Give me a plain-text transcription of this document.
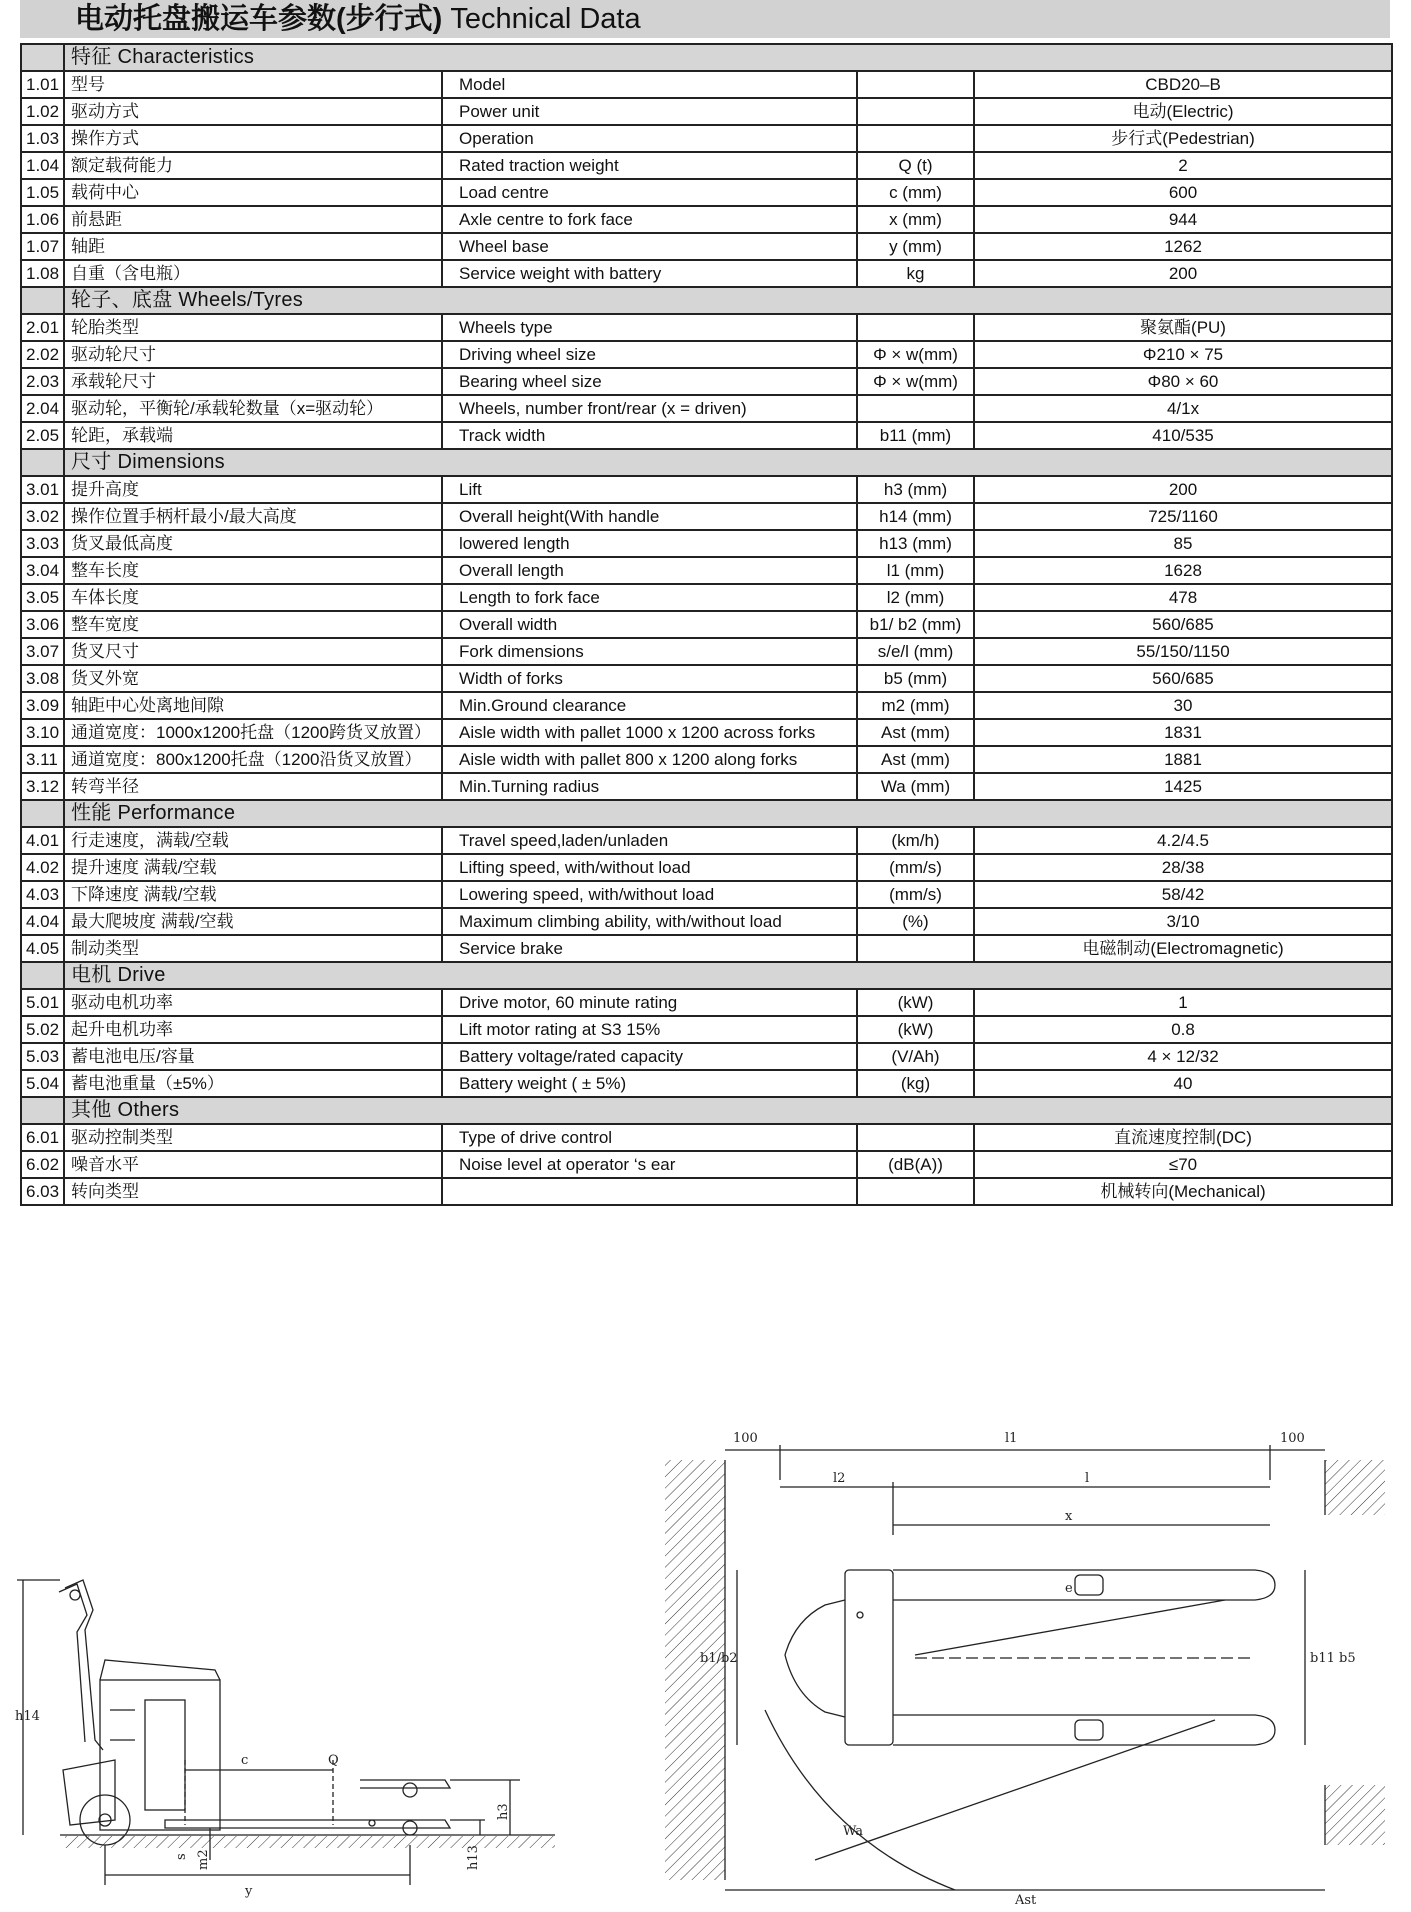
电动托盘搬运车参数(步行式) Technical Data
	特征 Characteristics			
1.01	型号	Model		CBD20–B
1.02	驱动方式	Power unit		电动(Electric)
1.03	操作方式	Operation		步行式(Pedestrian)
1.04	额定载荷能力	Rated traction weight	Q (t)	2
1.05	载荷中心	Load centre	c (mm)	600
1.06	前悬距	Axle centre to fork face	x (mm)	944
1.07	轴距	Wheel base	y (mm)	1262
1.08	自重（含电瓶）	Service weight with battery	kg	200
	轮子、底盘 Wheels/Tyres			
2.01	轮胎类型	Wheels type		聚氨酯(PU)
2.02	驱动轮尺寸	Driving wheel size	Φ × w(mm)	Φ210 × 75
2.03	承载轮尺寸	Bearing wheel size	Φ × w(mm)	Φ80 × 60
2.04	驱动轮，平衡轮/承载轮数量（x=驱动轮）	Wheels, number front/rear (x = driven)		4/1x
2.05	轮距，承载端	Track width	b11 (mm)	410/535
	尺寸 Dimensions			
3.01	提升高度	Lift	h3 (mm)	200
3.02	操作位置手柄杆最小/最大高度	Overall height(With handle	h14 (mm)	725/1160
3.03	货叉最低高度	lowered length	h13 (mm)	85
3.04	整车长度	Overall length	l1 (mm)	1628
3.05	车体长度	Length to fork face	l2 (mm)	478
3.06	整车宽度	Overall width	b1/ b2 (mm)	560/685
3.07	货叉尺寸	Fork dimensions	s/e/l (mm)	55/150/1150
3.08	货叉外宽	Width of forks	b5 (mm)	560/685
3.09	轴距中心处离地间隙	Min.Ground clearance	m2 (mm)	30
3.10	通道宽度：1000x1200托盘（1200跨货叉放置）	Aisle width with pallet 1000 x 1200 across forks	Ast (mm)	1831
3.11	通道宽度：800x1200托盘（1200沿货叉放置）	Aisle width with pallet 800 x 1200 along forks	Ast (mm)	1881
3.12	转弯半径	Min.Turning radius	Wa (mm)	1425
	性能 Performance			
4.01	行走速度，满载/空载	Travel speed,laden/unladen	(km/h)	4.2/4.5
4.02	提升速度 满载/空载	Lifting speed, with/without load	(mm/s)	28/38
4.03	下降速度 满载/空载	Lowering speed, with/without load	(mm/s)	58/42
4.04	最大爬坡度 满载/空载	Maximum climbing ability, with/without load	(%)	3/10
4.05	制动类型	Service brake		电磁制动(Electromagnetic)
	电机 Drive			
5.01	驱动电机功率	Drive motor, 60 minute rating	(kW)	1
5.02	起升电机功率	Lift motor rating at S3 15%	(kW)	0.8
5.03	蓄电池电压/容量	Battery voltage/rated capacity	(V/Ah)	4 × 12/32
5.04	蓄电池重量（±5%）	Battery weight ( ± 5%)	(kg)	40
	其他 Others			
6.01	驱动控制类型	Type of drive control		直流速度控制(DC)
6.02	噪音水平	Noise level at operator ‘s ear	(dB(A))	≤70
6.03	转向类型			机械转向(Mechanical)
h14
c	Q
h13
h3
s m2
y
100	l1	100
l2	l
x
e
b1/b2	b11 b5
Wa
Ast
